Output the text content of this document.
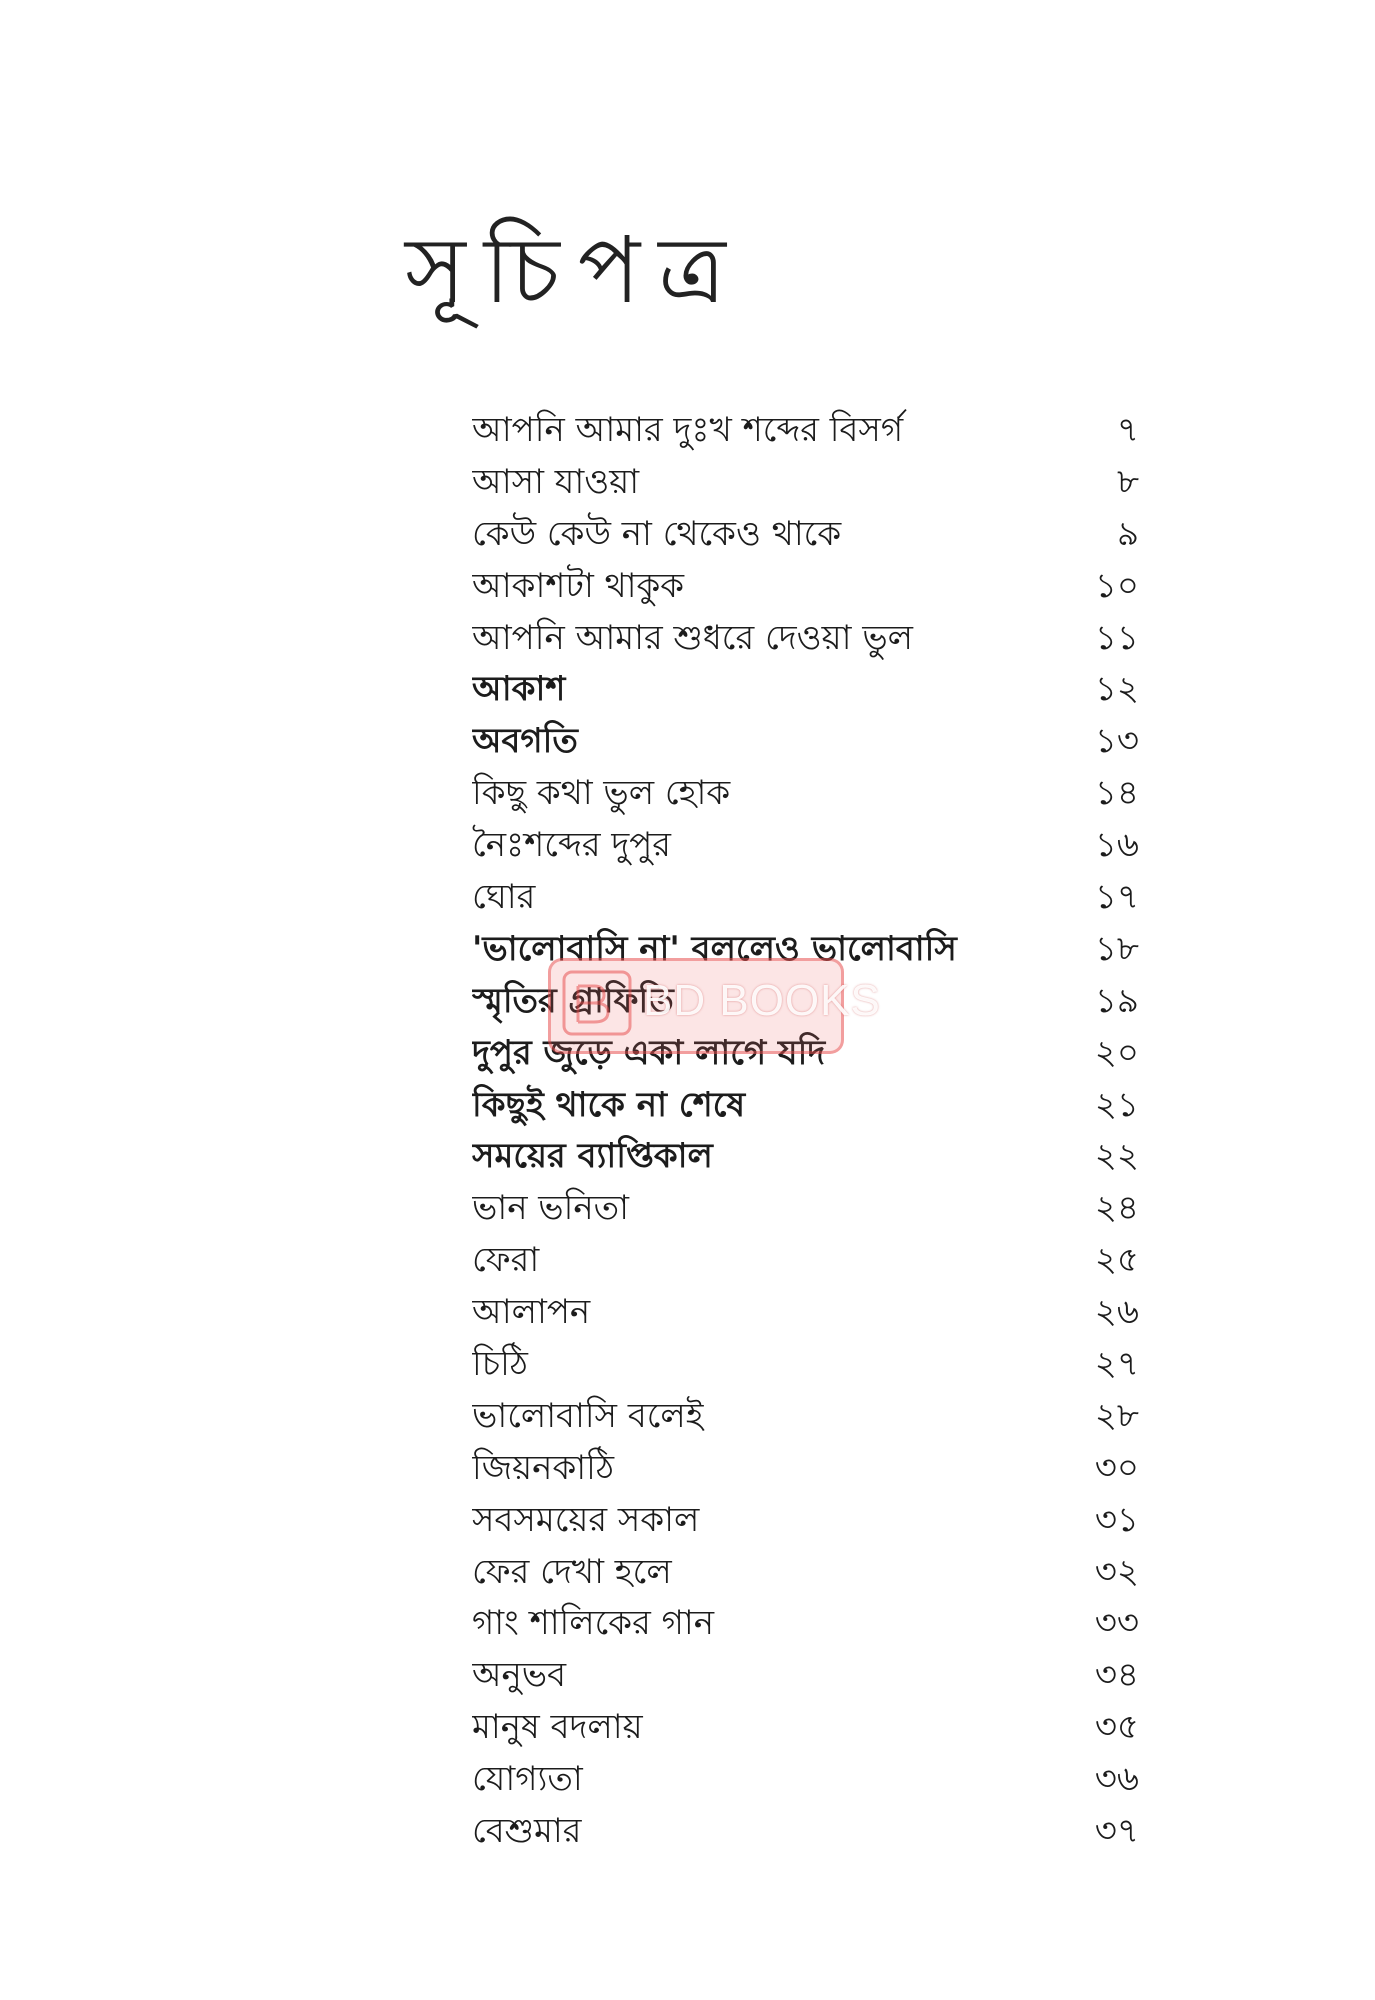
সূচিপত্র
আপনি আমার দুঃখ শব্দের বিসর্গ	৭
আসা যাওয়া	৮
কেউ কেউ না থেকেও থাকে	৯
আকাশটা থাকুক	১০
আপনি আমার শুধরে দেওয়া ভুল	১১
আকাশ	১২
অবগতি	১৩
কিছু কথা ভুল হোক	১৪
নৈঃশব্দের দুপুর	১৬
ঘোর	১৭
'ভালোবাসি না' বললেও ভালোবাসি	১৮
স্মৃতির গ্রাফিতি	১৯
দুপুর জুড়ে একা লাগে যদি	২০
কিছুই থাকে না শেষে	২১
সময়ের ব্যাপ্তিকাল	২২
ভান ভনিতা	২৪
ফেরা	২৫
আলাপন	২৬
চিঠি	২৭
ভালোবাসি বলেই	২৮
জিয়নকাঠি	৩০
সবসময়ের সকাল	৩১
ফের দেখা হলে	৩২
গাং শালিকের গান	৩৩
অনুভব	৩৪
মানুষ বদলায়	৩৫
যোগ্যতা	৩৬
বেশুমার	৩৭
BD BOOKS
